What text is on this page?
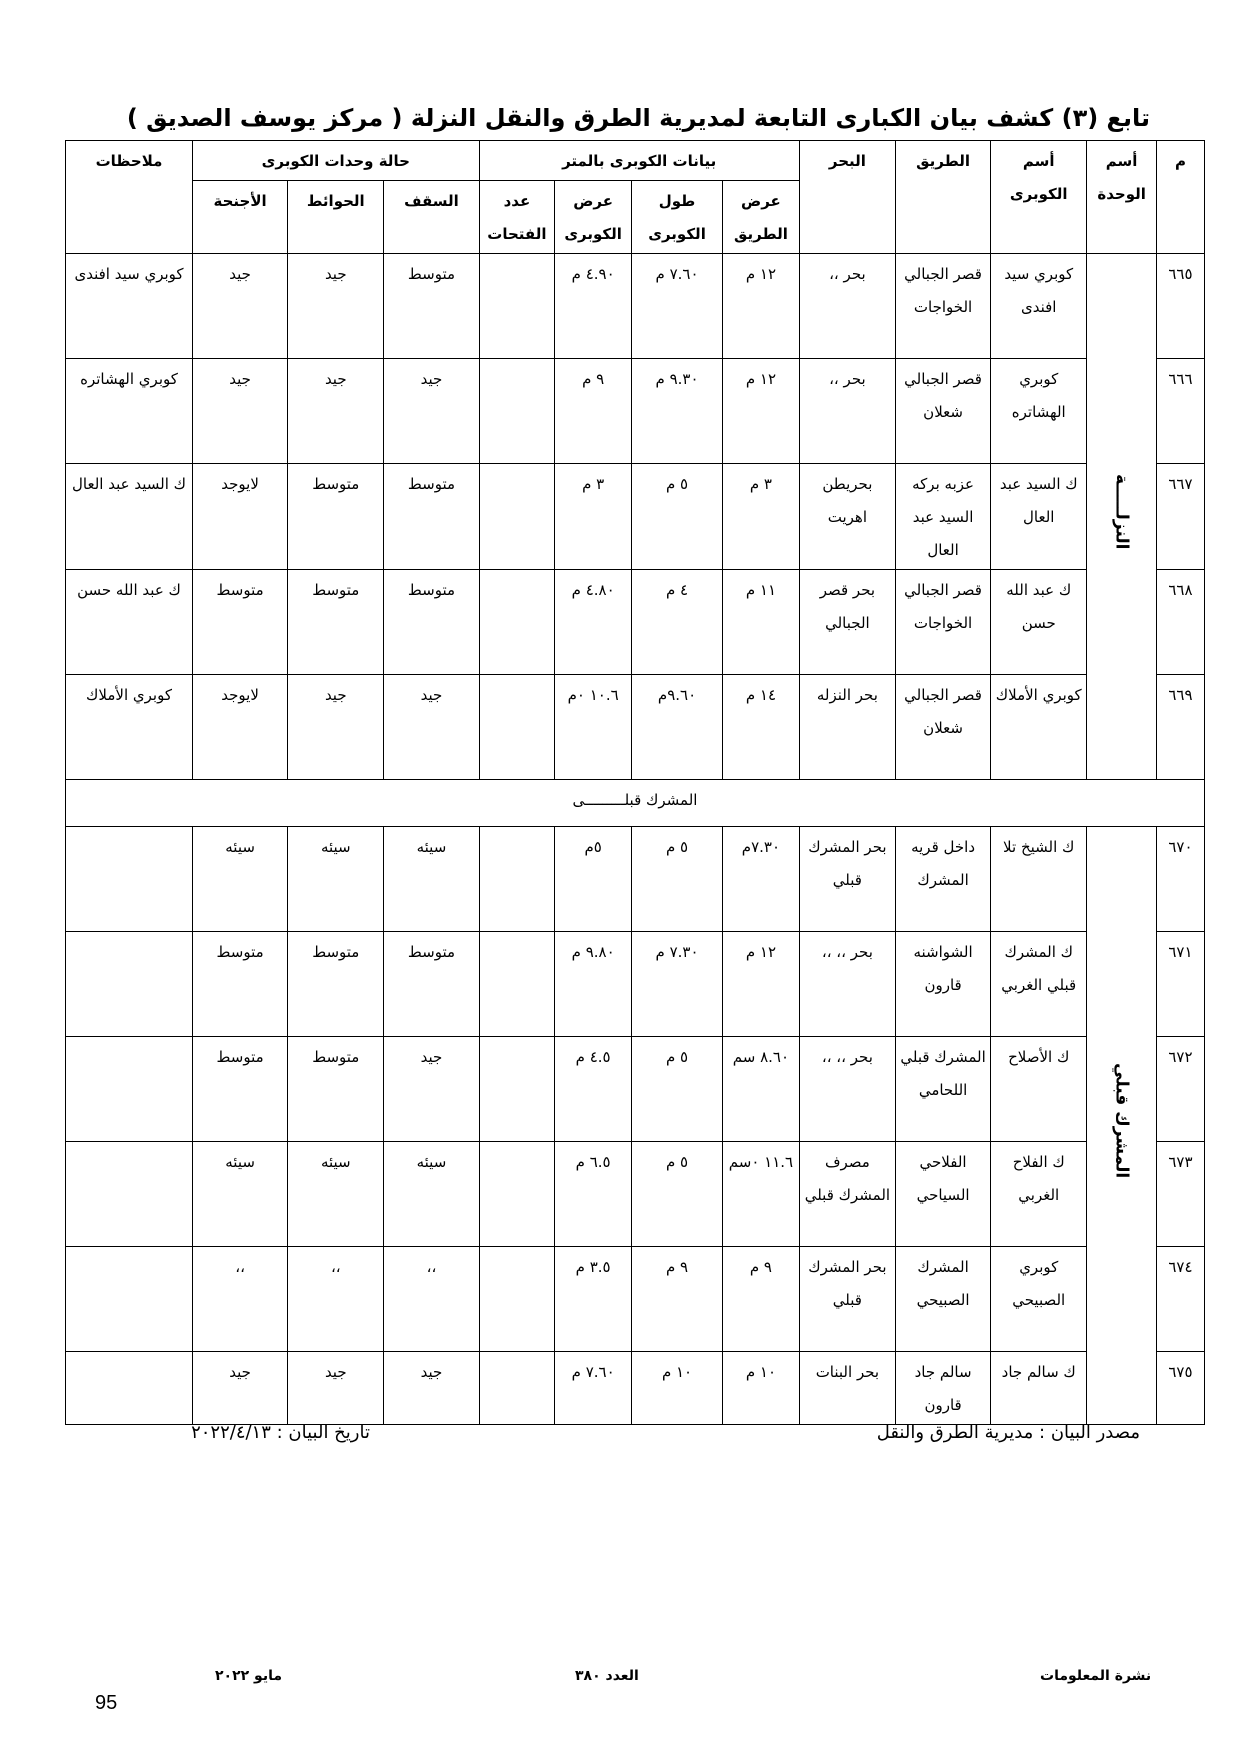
تابع (٣) كشف بيان الكبارى التابعة لمديرية الطرق والنقل النزلة ( مركز يوسف الصديق )
م	أسم الوحدة	أسم الكوبرى	الطريق	البحر	بيانات الكوبرى بالمتر				حالة وحدات الكوبرى			ملاحظات
					عرض الطريق	طول الكوبرى	عرض الكوبرى	عدد الفتحات	السقف	الحوائط	الأجنحة	
٦٦٥	النزلـــــة	كوبري سيد افندى	قصر الجبالي الخواجات	بحر ،،	١٢ م	٧.٦٠ م	٤.٩٠ م		متوسط	جيد	جيد	كوبري سيد افندى
٦٦٦		كوبري الهشاتره	قصر الجبالي شعلان	بحر ،،	١٢ م	٩.٣٠ م	٩ م		جيد	جيد	جيد	كوبري الهشاتره
٦٦٧		ك السيد عبد العال	عزبه بركه السيد عبد العال	بحريطن اهريت	٣ م	٥ م	٣ م		متوسط	متوسط	لايوجد	ك السيد عبد العال
٦٦٨		ك عبد الله حسن	قصر الجبالي الخواجات	بحر قصر الجبالي	١١ م	٤ م	٤.٨٠ م		متوسط	متوسط	متوسط	ك عبد الله حسن
٦٦٩		كوبري الأملاك	قصر الجبالي شعلان	بحر النزله	١٤ م	٩.٦٠م	١٠.٦ ٠م		جيد	جيد	لايوجد	كوبري الأملاك
المشرك قبلـــــــــى												
٦٧٠	المشرك قبلي	ك الشيخ تلا	داخل قريه المشرك	بحر المشرك قبلي	٧.٣٠م	٥ م	٥م		سيئه	سيئه	سيئه	
٦٧١		ك المشرك قبلي الغربي	الشواشنه قارون	بحر ،، ،،	١٢ م	٧.٣٠ م	٩.٨٠ م		متوسط	متوسط	متوسط	
٦٧٢		ك الأصلاح	المشرك قبلي اللحامي	بحر ،، ،،	٨.٦٠ سم	٥ م	٤.٥ م		جيد	متوسط	متوسط	
٦٧٣		ك الفلاح الغربي	الفلاحي السياحي	مصرف المشرك قبلي	١١.٦ ٠سم	٥ م	٦.٥ م		سيئه	سيئه	سيئه	
٦٧٤		كوبري الصبيحي	المشرك الصبيحي	بحر المشرك قبلي	٩ م	٩ م	٣.٥ م		،،	،،	،،	
٦٧٥		ك سالم جاد	سالم جاد قارون	بحر البنات	١٠ م	١٠ م	٧.٦٠ م		جيد	جيد	جيد	
مصدر البيان : مديرية الطرق والنقل
تاريخ البيان : ٢٠٢٢/٤/١٣
نشرة المعلومات
العدد ٣٨٠
مايو ٢٠٢٢
95
